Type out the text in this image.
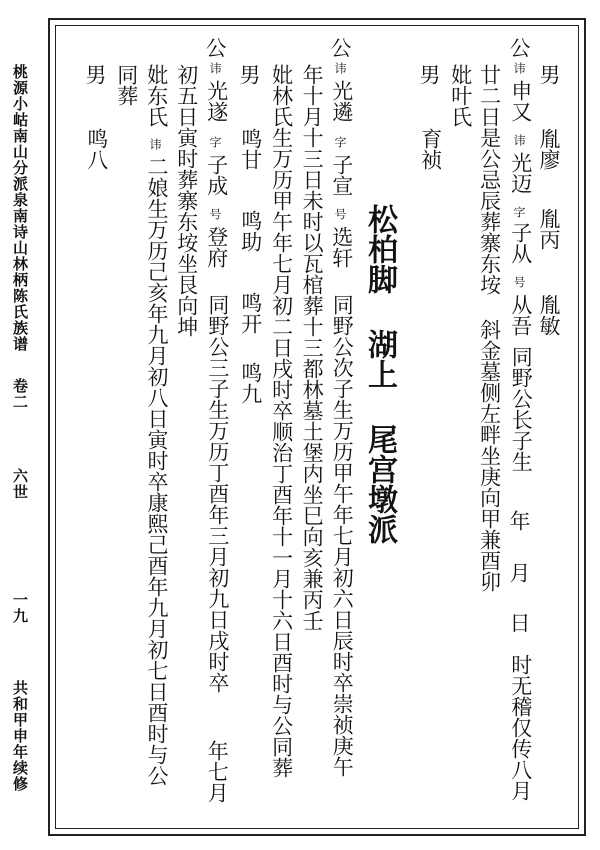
桃源小岵南山分派泉南诗山林柄陈氏族谱
卷二
六世
一九
共和甲申年续修
松柏脚 湖上 尾宫墩派
男
胤廖
胤丙
胤敏
公
讳
申又
讳
光迈
字
子从
号
从吾
同野公长子生
年
月
日
时无稽仅传八月
廿二日是公忌辰葬寨东垵 斜金墓侧左畔坐庚向甲兼酉卯
妣叶氏
男
育祯
公
讳
光遴
字
子宣
号
选轩
同野公次子生万历甲午年七月初六日辰时卒崇祯庚午
年十月十三日未时以瓦棺葬十三都林墓土堡内坐巳向亥兼丙壬
妣林氏生万历甲午年七月初二日戌时卒顺治丁酉年十一月十六日酉时与公同葬
男
鸣甘
鸣助
鸣开
鸣九
公
讳
光遂
字
子成
号
登府
同野公三子生万历丁酉年三月初九日戌时卒
年七月
初五日寅时葬寨东垵坐艮向坤
妣东氏
讳
二娘生万历己亥年九月初八日寅时卒康熙己酉年九月初七日酉时与公
同葬
男
鸣八
